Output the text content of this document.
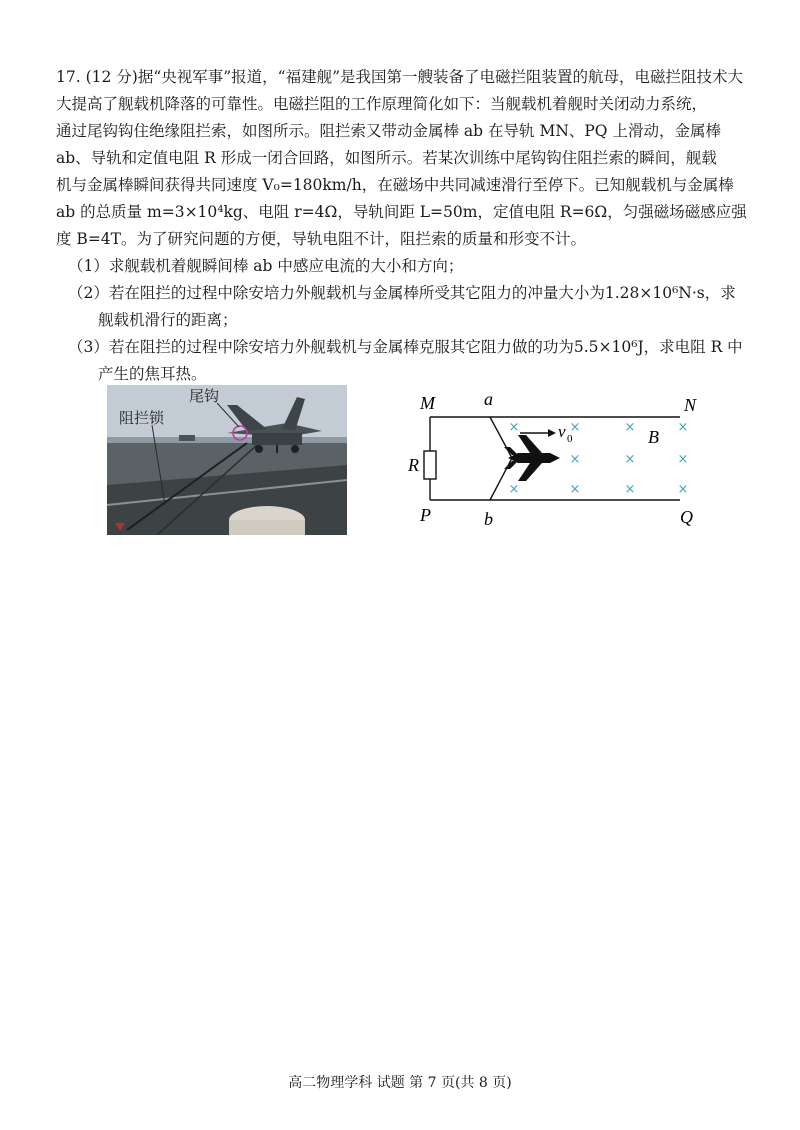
17. (12 分)据“央视军事”报道，“福建舰”是我国第一艘装备了电磁拦阻装置的航母，电磁拦阻技术大

大提高了舰载机降落的可靠性。电磁拦阻的工作原理简化如下：当舰载机着舰时关闭动力系统，

通过尾钩钩住绝缘阻拦索，如图所示。阻拦索又带动金属棒 ab 在导轨 MN、PQ 上滑动，金属棒

ab、导轨和定值电阻 R 形成一闭合回路，如图所示。若某次训练中尾钩钩住阻拦索的瞬间，舰载

机与金属棒瞬间获得共同速度 V₀=180km/h，在磁场中共同减速滑行至停下。已知舰载机与金属棒

ab 的总质量 m=3×10⁴kg、电阻 r=4Ω，导轨间距 L=50m，定值电阻 R=6Ω，匀强磁场磁感应强

度 B=4T。为了研究问题的方便，导轨电阻不计，阻拦索的质量和形变不计。

（1）求舰载机着舰瞬间棒 ab 中感应电流的大小和方向；

（2）若在阻拦的过程中除安培力外舰载机与金属棒所受其它阻力的冲量大小为1.28×10⁶N·s，求

舰载机滑行的距离；

（3）若在阻拦的过程中除安培力外舰载机与金属棒克服其它阻力做的功为5.5×10⁶J，求电阻 R 中

产生的焦耳热。

尾钩
阻拦锁
×	×	×	×
×	×	×
×	×	×	×
M	a	N
R
B
v 0
P	b	Q
高二物理学科 试题 第 7 页(共 8 页)
